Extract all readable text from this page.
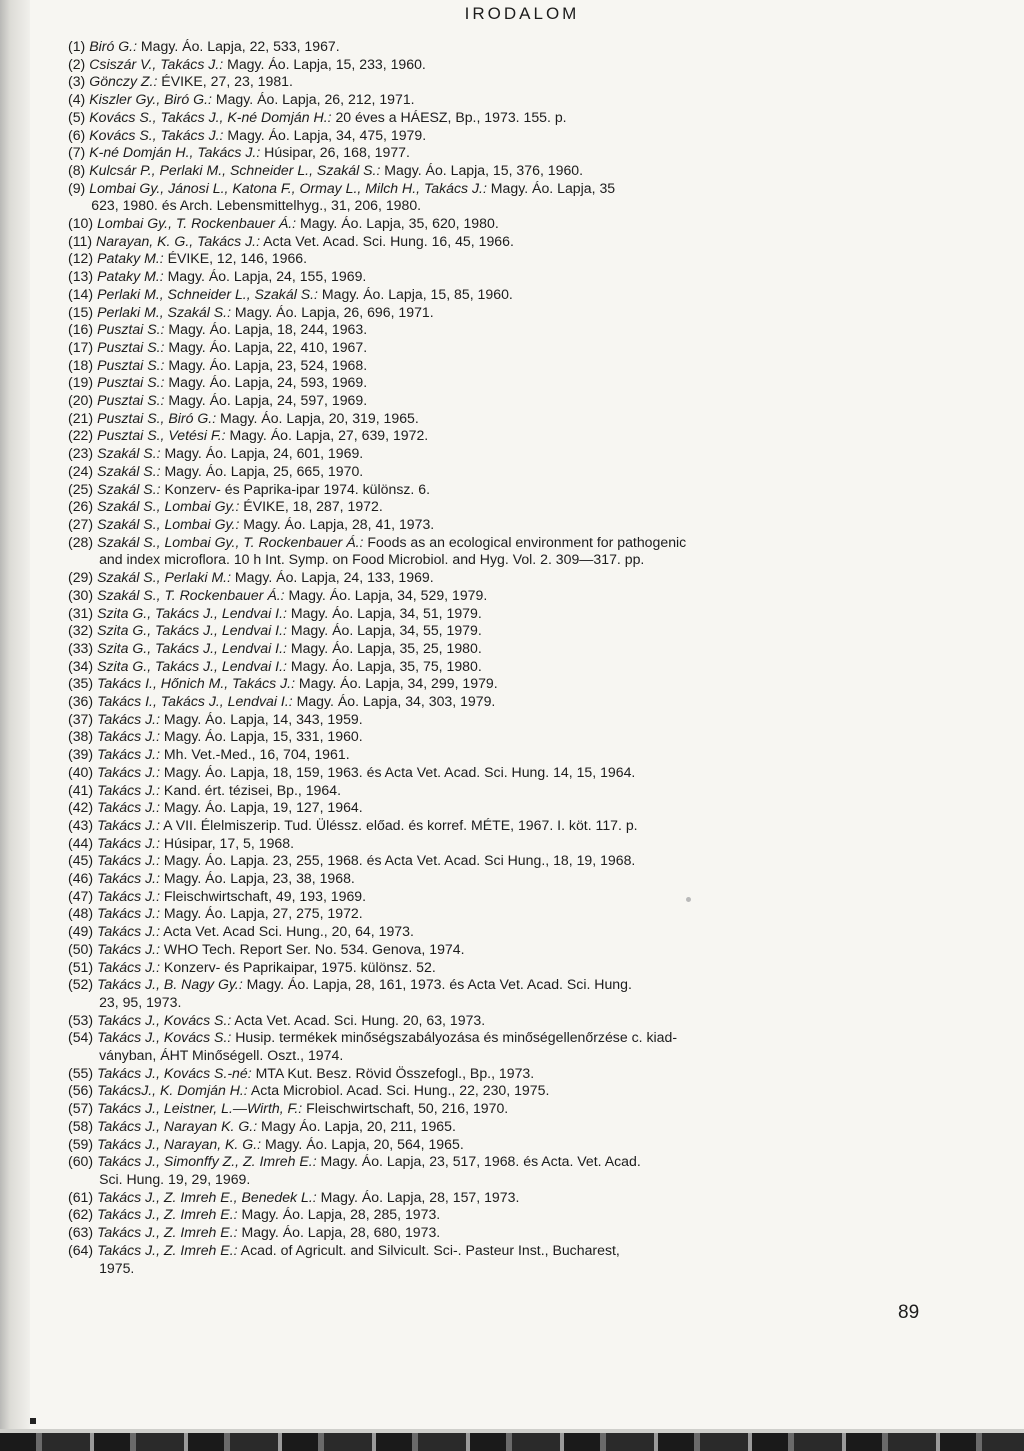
IRODALOM
(1) Biró G.: Magy. Áo. Lapja, 22, 533, 1967.
(2) Csiszár V., Takács J.: Magy. Áo. Lapja, 15, 233, 1960.
(3) Gönczy Z.: ÉVIKE, 27, 23, 1981.
(4) Kiszler Gy., Biró G.: Magy. Áo. Lapja, 26, 212, 1971.
(5) Kovács S., Takács J., K-né Domján H.: 20 éves a HÁESZ, Bp., 1973. 155. p.
(6) Kovács S., Takács J.: Magy. Áo. Lapja, 34, 475, 1979.
(7) K-né Domján H., Takács J.: Húsipar, 26, 168, 1977.
(8) Kulcsár P., Perlaki M., Schneider L., Szakál S.: Magy. Áo. Lapja, 15, 376, 1960.
(9) Lombai Gy., Jánosi L., Katona F., Ormay L., Milch H., Takács J.: Magy. Áo. Lapja, 35
623, 1980. és Arch. Lebensmittelhyg., 31, 206, 1980.
(10) Lombai Gy., T. Rockenbauer Á.: Magy. Áo. Lapja, 35, 620, 1980.
(11) Narayan, K. G., Takács J.: Acta Vet. Acad. Sci. Hung. 16, 45, 1966.
(12) Pataky M.: ÉVIKE, 12, 146, 1966.
(13) Pataky M.: Magy. Áo. Lapja, 24, 155, 1969.
(14) Perlaki M., Schneider L., Szakál S.: Magy. Áo. Lapja, 15, 85, 1960.
(15) Perlaki M., Szakál S.: Magy. Áo. Lapja, 26, 696, 1971.
(16) Pusztai S.: Magy. Áo. Lapja, 18, 244, 1963.
(17) Pusztai S.: Magy. Áo. Lapja, 22, 410, 1967.
(18) Pusztai S.: Magy. Áo. Lapja, 23, 524, 1968.
(19) Pusztai S.: Magy. Áo. Lapja, 24, 593, 1969.
(20) Pusztai S.: Magy. Áo. Lapja, 24, 597, 1969.
(21) Pusztai S., Biró G.: Magy. Áo. Lapja, 20, 319, 1965.
(22) Pusztai S., Vetési F.: Magy. Áo. Lapja, 27, 639, 1972.
(23) Szakál S.: Magy. Áo. Lapja, 24, 601, 1969.
(24) Szakál S.: Magy. Áo. Lapja, 25, 665, 1970.
(25) Szakál S.: Konzerv- és Paprika-ipar 1974. különsz. 6.
(26) Szakál S., Lombai Gy.: ÉVIKE, 18, 287, 1972.
(27) Szakál S., Lombai Gy.: Magy. Áo. Lapja, 28, 41, 1973.
(28) Szakál S., Lombai Gy., T. Rockenbauer Á.: Foods as an ecological environment for pathogenic
and index microflora. 10 h Int. Symp. on Food Microbiol. and Hyg. Vol. 2. 309—317. pp.
(29) Szakál S., Perlaki M.: Magy. Áo. Lapja, 24, 133, 1969.
(30) Szakál S., T. Rockenbauer Á.: Magy. Áo. Lapja, 34, 529, 1979.
(31) Szita G., Takács J., Lendvai I.: Magy. Áo. Lapja, 34, 51, 1979.
(32) Szita G., Takács J., Lendvai I.: Magy. Áo. Lapja, 34, 55, 1979.
(33) Szita G., Takács J., Lendvai I.: Magy. Áo. Lapja, 35, 25, 1980.
(34) Szita G., Takács J., Lendvai I.: Magy. Áo. Lapja, 35, 75, 1980.
(35) Takács I., Hőnich M., Takács J.: Magy. Áo. Lapja, 34, 299, 1979.
(36) Takács I., Takács J., Lendvai I.: Magy. Áo. Lapja, 34, 303, 1979.
(37) Takács J.: Magy. Áo. Lapja, 14, 343, 1959.
(38) Takács J.: Magy. Áo. Lapja, 15, 331, 1960.
(39) Takács J.: Mh. Vet.-Med., 16, 704, 1961.
(40) Takács J.: Magy. Áo. Lapja, 18, 159, 1963. és Acta Vet. Acad. Sci. Hung. 14, 15, 1964.
(41) Takács J.: Kand. ért. tézisei, Bp., 1964.
(42) Takács J.: Magy. Áo. Lapja, 19, 127, 1964.
(43) Takács J.: A VII. Élelmiszerip. Tud. Üléssz. előad. és korref. MÉTE, 1967. I. köt. 117. p.
(44) Takács J.: Húsipar, 17, 5, 1968.
(45) Takács J.: Magy. Áo. Lapja. 23, 255, 1968. és Acta Vet. Acad. Sci Hung., 18, 19, 1968.
(46) Takács J.: Magy. Áo. Lapja, 23, 38, 1968.
(47) Takács J.: Fleischwirtschaft, 49, 193, 1969.
(48) Takács J.: Magy. Áo. Lapja, 27, 275, 1972.
(49) Takács J.: Acta Vet. Acad Sci. Hung., 20, 64, 1973.
(50) Takács J.: WHO Tech. Report Ser. No. 534. Genova, 1974.
(51) Takács J.: Konzerv- és Paprikaipar, 1975. különsz. 52.
(52) Takács J., B. Nagy Gy.: Magy. Áo. Lapja, 28, 161, 1973. és Acta Vet. Acad. Sci. Hung.
23, 95, 1973.
(53) Takács J., Kovács S.: Acta Vet. Acad. Sci. Hung. 20, 63, 1973.
(54) Takács J., Kovács S.: Husip. termékek minőségszabályozása és minőségellenőrzése c. kiad-
ványban, ÁHT Minőségell. Oszt., 1974.
(55) Takács J., Kovács S.-né: MTA Kut. Besz. Rövid Összefogl., Bp., 1973.
(56) TakácsJ., K. Domján H.: Acta Microbiol. Acad. Sci. Hung., 22, 230, 1975.
(57) Takács J., Leistner, L.—Wirth, F.: Fleischwirtschaft, 50, 216, 1970.
(58) Takács J., Narayan K. G.: Magy Áo. Lapja, 20, 211, 1965.
(59) Takács J., Narayan, K. G.: Magy. Áo. Lapja, 20, 564, 1965.
(60) Takács J., Simonffy Z., Z. Imreh E.: Magy. Áo. Lapja, 23, 517, 1968. és Acta. Vet. Acad.
Sci. Hung. 19, 29, 1969.
(61) Takács J., Z. Imreh E., Benedek L.: Magy. Áo. Lapja, 28, 157, 1973.
(62) Takács J., Z. Imreh E.: Magy. Áo. Lapja, 28, 285, 1973.
(63) Takács J., Z. Imreh E.: Magy. Áo. Lapja, 28, 680, 1973.
(64) Takács J., Z. Imreh E.: Acad. of Agricult. and Silvicult. Sci-. Pasteur Inst., Bucharest,
1975.
89
